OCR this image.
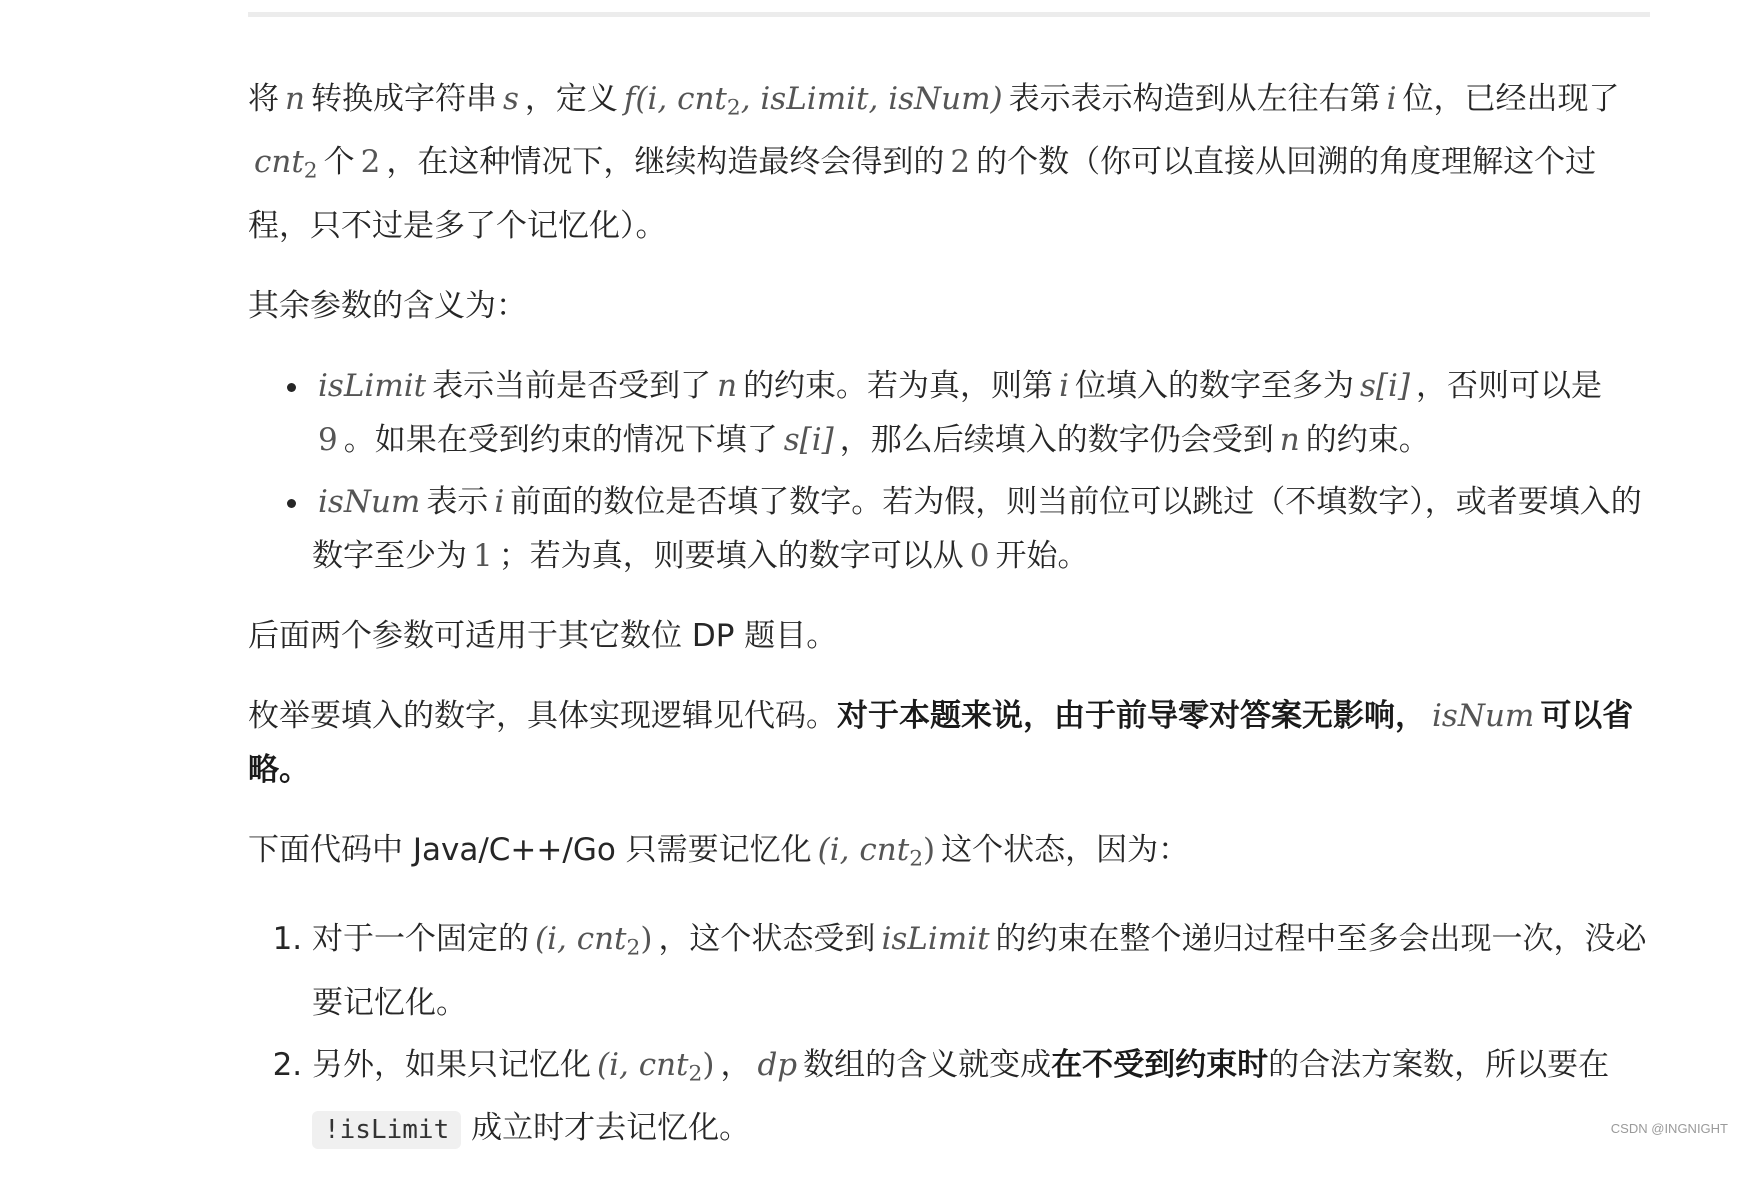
将 n 转换成字符串 s ，定义 f(i, cnt$_2$, isLimit, isNum) 表示表示构造到从左往右第 i 位，已经出现了cnt$_2$ 个 2 ，在这种情况下，继续构造最终会得到的 2 的个数（你可以直接从回溯的角度理解这个过程，只不过是多了个记忆化）。

其余参数的含义为：

• isLimit 表示当前是否受到了 n 的约束。若为真，则第 i 位填入的数字至多为 s[i] ，否则可以是9 。如果在受到约束的情况下填了 s[i] ，那么后续填入的数字仍会受到 n 的约束。
• isNum 表示 i 前面的数位是否填了数字。若为假，则当前位可以跳过（不填数字），或者要填入的数字至少为 1 ；若为真，则要填入的数字可以从 0 开始。

后面两个参数可适用于其它数位 DP 题目。

枚举要填入的数字，具体实现逻辑见代码。对于本题来说，由于前导零对答案无影响， isNum 可以省略。

下面代码中 Java/C++/Go 只需要记忆化 (i, cnt$_2$) 这个状态，因为：

1. 对于一个固定的 (i, cnt$_2$) ，这个状态受到 isLimit 的约束在整个递归过程中至多会出现一次，没必要记忆化。
2. 另外，如果只记忆化 (i, cnt$_2$) ， dp 数组的含义就变成在不受到约束时的合法方案数，所以要在 !isLimit 成立时才去记忆化。	CSDN @INGNIGHT
